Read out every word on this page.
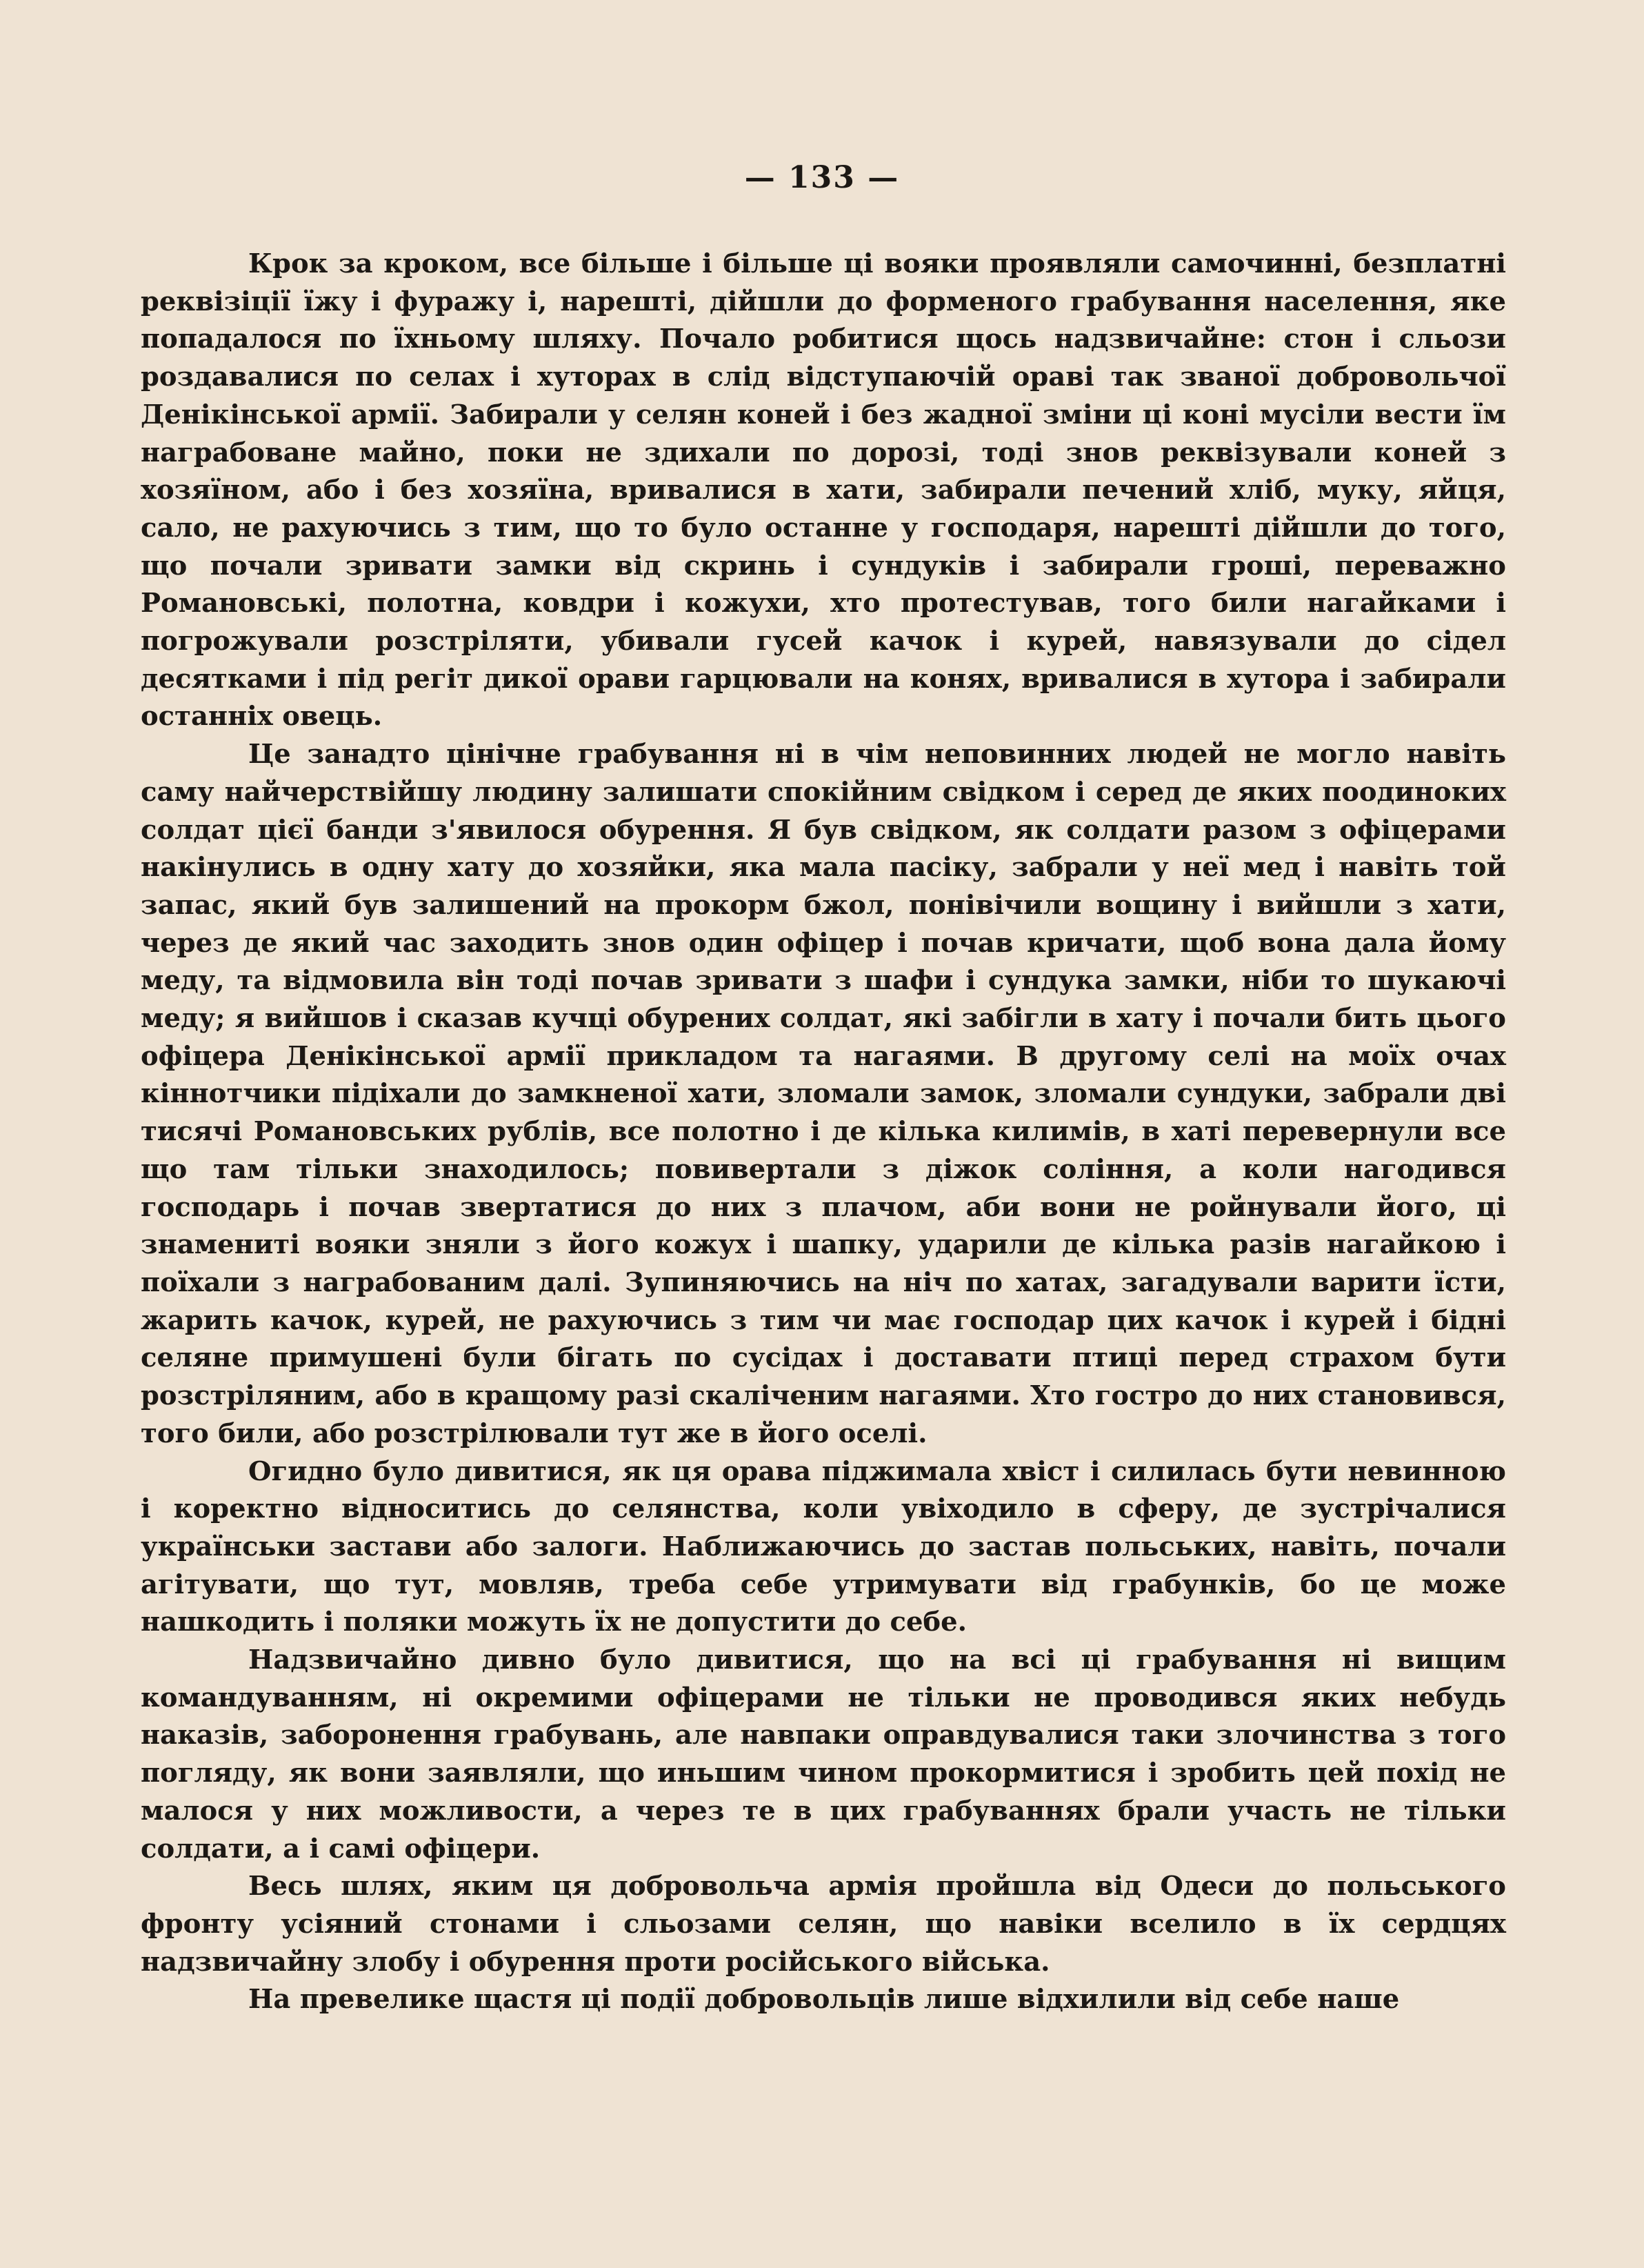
— 133 —

Крок за кроком, все більше і більше ці вояки проявляли самочинні, безплатні реквізіції їжу і фуражу і, нарешті, дійшли до форменого грабування населення, яке попадалося по їхньому шляху. Почало робитися щось надзвичайне: стон і сльози роздавалися по селах і хуторах в слід відступаючій ораві так званої добровольчої Денікінської армії. Забирали у селян коней і без жадної зміни ці коні мусіли вести їм награбоване майно, поки не здихали по дорозі, тоді знов реквізували коней з хозяїном, або і без хозяїна, вривалися в хати, забирали печений хліб, муку, яйця, сало, не рахуючись з тим, що то було останне у господаря, нарешті дійшли до того, що почали зривати замки від скринь і сундуків і забирали гроші, переважно Романовські, полотна, ковдри і кожухи, хто протестував, того били нагайками і погрожували розстріляти, убивали гусей качок і курей, навязували до сідел десятками і під регіт дикої орави гарцювали на конях, вривалися в хутора і забирали останніх овець.

Це занадто цінічне грабування ні в чім неповинних людей не могло навіть саму найчерствійшу людину залишати спокійним свідком і серед де яких поодиноких солдат цієї банди з'явилося обурення. Я був свідком, як солдати разом з офіцерами накінулись в одну хату до хозяйки, яка мала пасіку, забрали у неї мед і навіть той запас, який був залишений на прокорм бжол, понівічили вощину і вийшли з хати, через де який час заходить знов один офіцер і почав кричати, щоб вона дала йому меду, та відмовила він тоді почав зривати з шафи і сундука замки, ніби то шукаючі меду; я вийшов і сказав кучці обурених солдат, які забігли в хату і почали бить цього офіцера Денікінської армії прикладом та нагаями. В другому селі на моїх очах кіннотчики підіхали до замкненої хати, зломали замок, зломали сундуки, забрали дві тисячі Романовських рублів, все полотно і де кілька килимів, в хаті перевернули все що там тільки знаходилось; повивертали з діжок соління, а коли нагодився господарь і почав звертатися до них з плачом, аби вони не ройнували його, ці знамениті вояки зняли з його кожух і шапку, ударили де кілька разів нагайкою і поїхали з награбованим далі. Зупиняючись на ніч по хатах, загадували варити їсти, жарить качок, курей, не рахуючись з тим чи має господар цих качок і курей і бідні селяне примушені були бігать по сусідах і доставати птиці перед страхом бути розстріляним, або в кращому разі скаліченим нагаями. Хто гостро до них становився, того били, або розстрілювали тут же в його оселі.

Огидно було дивитися, як ця орава піджимала хвіст і силилась бути невинною і коректно відноситись до селянства, коли увіходило в сферу, де зустрічалися українськи застави або залоги. Наближаючись до застав польських, навіть, почали агітувати, що тут, мовляв, треба себе утримувати від грабунків, бо це може нашкодить і поляки можуть їх не допустити до себе.

Надзвичайно дивно було дивитися, що на всі ці грабування ні вищим командуванням, ні окремими офіцерами не тільки не проводився яких небудь наказів, заборонення грабувань, але навпаки оправдувалися таки злочинства з того погляду, як вони заявляли, що иньшим чином прокормитися і зробить цей похід не малося у них можливости, а через те в цих грабуваннях брали участь не тільки солдати, а і самі офіцери.

Весь шлях, яким ця добровольча армія пройшла від Одеси до польського фронту усіяний стонами і сльозами селян, що навіки вселило в їх сердцях надзвичайну злобу і обурення проти російського війська.

На превелике щастя ці події добровольців лише відхилили від себе наше
